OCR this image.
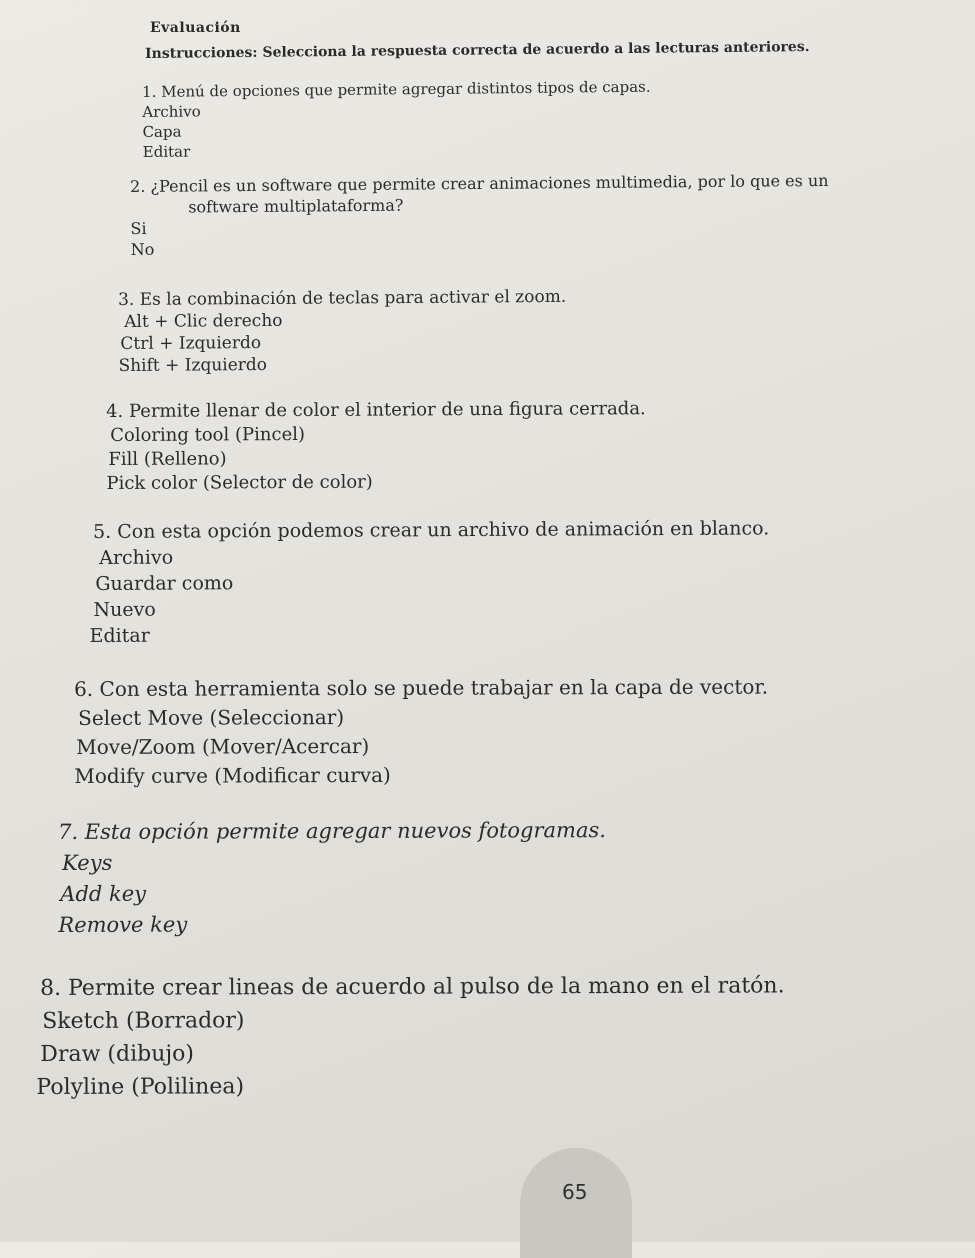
Evaluación
Instrucciones: Selecciona la respuesta correcta de acuerdo a las lecturas anteriores.
1. Menú de opciones que permite agregar distintos tipos de capas.
Archivo
Capa
Editar
2. ¿Pencil es un software que permite crear animaciones multimedia, por lo que es un
software multiplataforma?
Si
No
3. Es la combinación de teclas para activar el zoom.
Alt + Clic derecho
Ctrl + Izquierdo
Shift + Izquierdo
4. Permite llenar de color el interior de una figura cerrada.
Coloring tool (Pincel)
Fill (Relleno)
Pick color (Selector de color)
5. Con esta opción podemos crear un archivo de animación en blanco.
Archivo
Guardar como
Nuevo
Editar
6. Con esta herramienta solo se puede trabajar en la capa de vector.
Select Move (Seleccionar)
Move/Zoom (Mover/Acercar)
Modify curve (Modificar curva)
7. Esta opción permite agregar nuevos fotogramas.
Keys
Add key
Remove key
8. Permite crear lineas de acuerdo al pulso de la mano en el ratón.
Sketch (Borrador)
Draw (dibujo)
Polyline (Polilinea)
65
